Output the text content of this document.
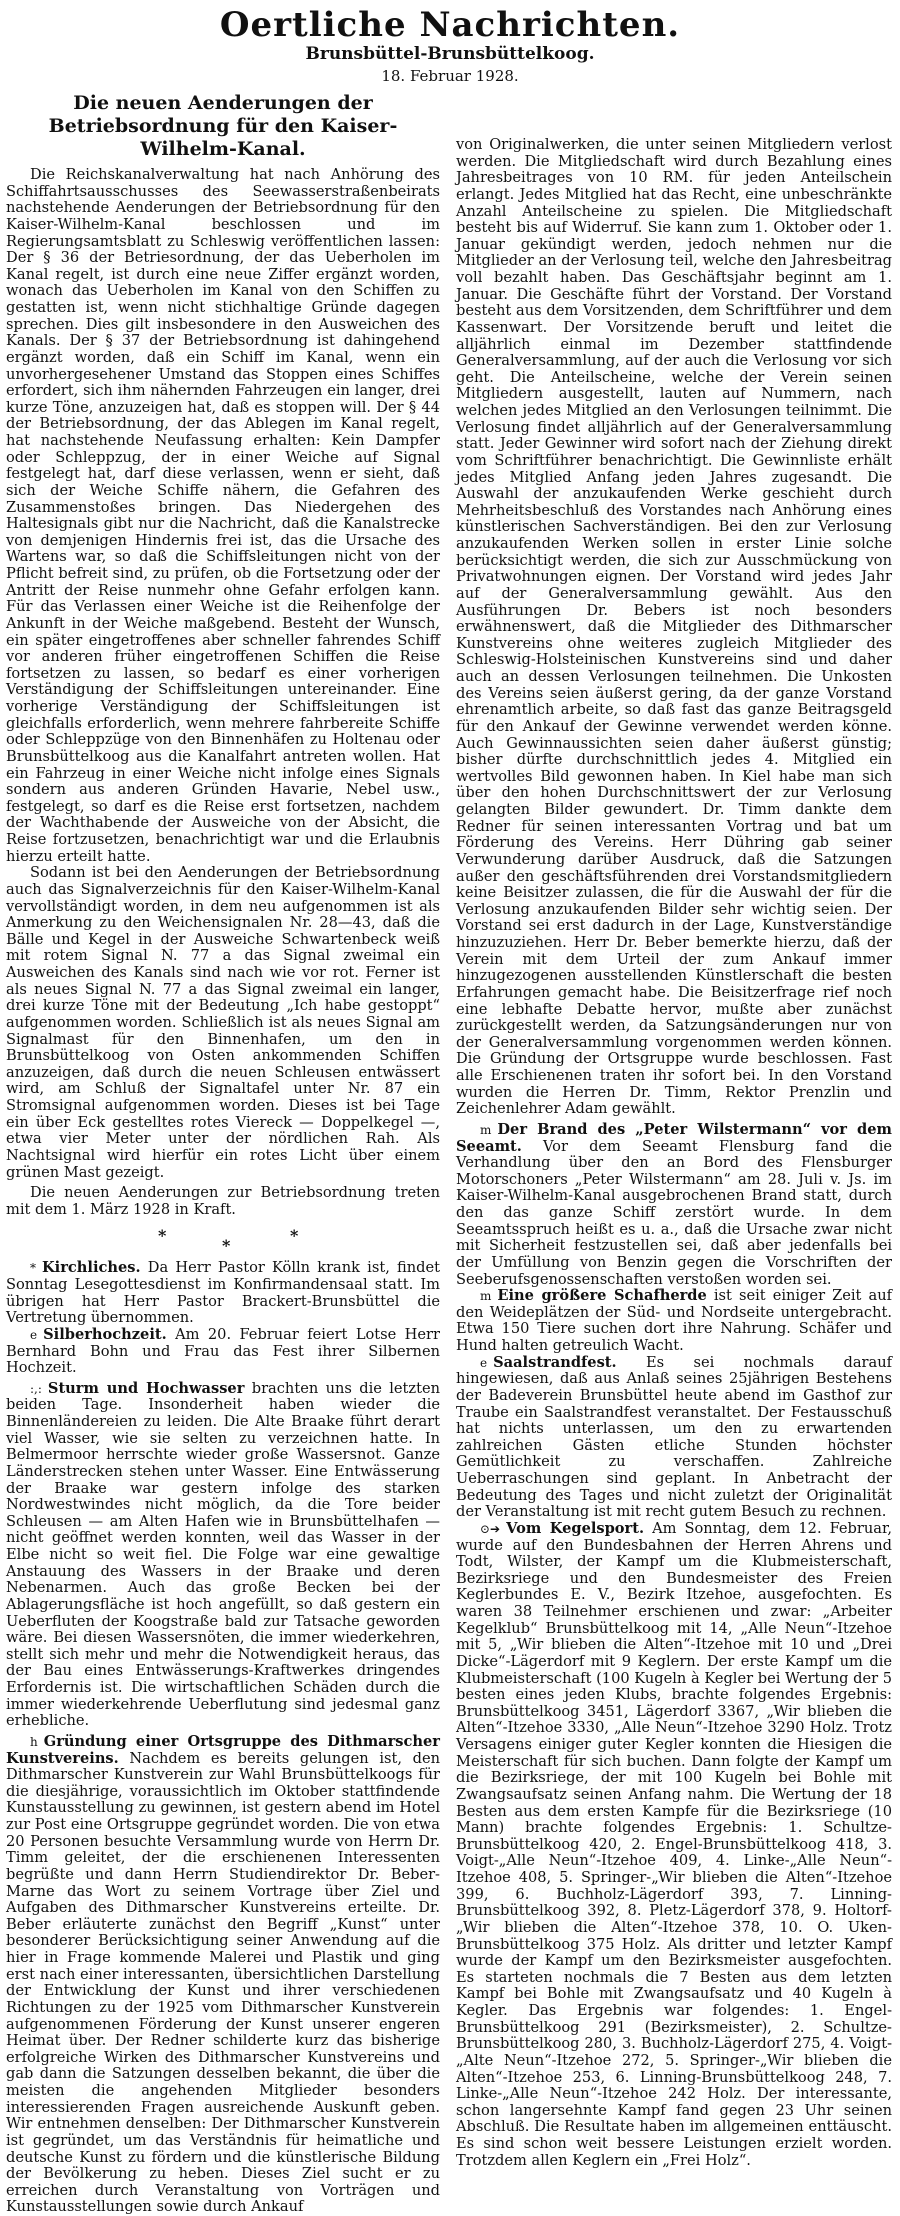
Oertliche Nachrichten.
Brunsbüttel-Brunsbüttelkoog.
18. Februar 1928.
Die neuen Aenderungen der Betriebsordnung für den Kaiser-Wilhelm-Kanal.

Die Reichskanalverwaltung hat nach Anhörung des Schiffahrtsausschusses des Seewasserstraßenbeirats nachstehende Aenderungen der Betriebsordnung für den Kaiser-Wilhelm-Kanal beschlossen und im Regierungsamtsblatt zu Schleswig veröffentlichen lassen: Der § 36 der Betriesordnung, der das Ueberholen im Kanal regelt, ist durch eine neue Ziffer ergänzt worden, wonach das Ueberholen im Kanal von den Schiffen zu gestatten ist, wenn nicht stichhaltige Gründe dagegen sprechen. Dies gilt insbesondere in den Ausweichen des Kanals. Der § 37 der Betriebsordnung ist dahingehend ergänzt worden, daß ein Schiff im Kanal, wenn ein unvorhergesehener Umstand das Stoppen eines Schiffes erfordert, sich ihm nähernden Fahrzeugen ein langer, drei kurze Töne, anzuzeigen hat, daß es stoppen will. Der § 44 der Betriebsordnung, der das Ablegen im Kanal regelt, hat nachstehende Neufassung erhalten: Kein Dampfer oder Schleppzug, der in einer Weiche auf Signal festgelegt hat, darf diese verlassen, wenn er sieht, daß sich der Weiche Schiffe nähern, die Gefahren des Zusammenstoßes bringen. Das Niedergehen des Haltesignals gibt nur die Nachricht, daß die Kanalstrecke von demjenigen Hindernis frei ist, das die Ursache des Wartens war, so daß die Schiffsleitungen nicht von der Pflicht befreit sind, zu prüfen, ob die Fortsetzung oder der Antritt der Reise nunmehr ohne Gefahr erfolgen kann. Für das Verlassen einer Weiche ist die Reihenfolge der Ankunft in der Weiche maßgebend. Besteht der Wunsch, ein später eingetroffenes aber schneller fahrendes Schiff vor anderen früher eingetroffenen Schiffen die Reise fortsetzen zu lassen, so bedarf es einer vorherigen Verständigung der Schiffsleitungen untereinander. Eine vorherige Verständigung der Schiffsleitungen ist gleichfalls erforderlich, wenn mehrere fahrbereite Schiffe oder Schleppzüge von den Binnenhäfen zu Holtenau oder Brunsbüttelkoog aus die Kanalfahrt antreten wollen. Hat ein Fahrzeug in einer Weiche nicht infolge eines Signals sondern aus anderen Gründen Havarie, Nebel usw., festgelegt, so darf es die Reise erst fortsetzen, nachdem der Wachthabende der Ausweiche von der Absicht, die Reise fortzusetzen, benachrichtigt war und die Erlaubnis hierzu erteilt hatte.

Sodann ist bei den Aenderungen der Betriebsordnung auch das Signalverzeichnis für den Kaiser-Wilhelm-Kanal vervollständigt worden, in dem neu aufgenommen ist als Anmerkung zu den Weichensignalen Nr. 28—43, daß die Bälle und Kegel in der Ausweiche Schwartenbeck weiß mit rotem Signal N. 77 a das Signal zweimal ein Ausweichen des Kanals sind nach wie vor rot. Ferner ist als neues Signal N. 77 a das Signal zweimal ein langer, drei kurze Töne mit der Bedeutung „Ich habe gestoppt“ aufgenommen worden. Schließlich ist als neues Signal am Signalmast für den Binnenhafen, um den in Brunsbüttelkoog von Osten ankommenden Schiffen anzuzeigen, daß durch die neuen Schleusen entwässert wird, am Schluß der Signaltafel unter Nr. 87 ein Stromsignal aufgenommen worden. Dieses ist bei Tage ein über Eck gestelltes rotes Viereck — Doppelkegel —, etwa vier Meter unter der nördlichen Rah. Als Nachtsignal wird hierfür ein rotes Licht über einem grünen Mast gezeigt.

Die neuen Aenderungen zur Betriebsordnung treten mit dem 1. März 1928 in Kraft.

*
*
*

* Kirchliches. Da Herr Pastor Kölln krank ist, findet Sonntag Lesegottesdienst im Konfirmandensaal statt. Im übrigen hat Herr Pastor Brackert-Brunsbüttel die Vertretung übernommen.

e Silberhochzeit. Am 20. Februar feiert Lotse Herr Bernhard Bohn und Frau das Fest ihrer Silbernen Hochzeit.

:,: Sturm und Hochwasser brachten uns die letzten beiden Tage. Insonderheit haben wieder die Binnenländereien zu leiden. Die Alte Braake führt derart viel Wasser, wie sie selten zu verzeichnen hatte. In Belmermoor herrschte wieder große Wassersnot. Ganze Länderstrecken stehen unter Wasser. Eine Entwässerung der Braake war gestern infolge des starken Nordwestwindes nicht möglich, da die Tore beider Schleusen — am Alten Hafen wie in Brunsbüttelhafen — nicht geöffnet werden konnten, weil das Wasser in der Elbe nicht so weit fiel. Die Folge war eine gewaltige Anstauung des Wassers in der Braake und deren Nebenarmen. Auch das große Becken bei der Ablagerungsfläche ist hoch angefüllt, so daß gestern ein Ueberfluten der Koogstraße bald zur Tatsache geworden wäre. Bei diesen Wassersnöten, die immer wiederkehren, stellt sich mehr und mehr die Notwendigkeit heraus, das der Bau eines Entwässerungs-Kraftwerkes dringendes Erfordernis ist. Die wirtschaftlichen Schäden durch die immer wiederkehrende Ueberflutung sind jedesmal ganz erhebliche.

h Gründung einer Ortsgruppe des Dithmarscher Kunstvereins. Nachdem es bereits gelungen ist, den Dithmarscher Kunstverein zur Wahl Brunsbüttelkoogs für die diesjährige, voraussichtlich im Oktober stattfindende Kunstausstellung zu gewinnen, ist gestern abend im Hotel zur Post eine Ortsgruppe gegründet worden. Die von etwa 20 Personen besuchte Versammlung wurde von Herrn Dr. Timm geleitet, der die erschienenen Interessenten begrüßte und dann Herrn Studiendirektor Dr. Beber-Marne das Wort zu seinem Vortrage über Ziel und Aufgaben des Dithmarscher Kunstvereins erteilte. Dr. Beber erläuterte zunächst den Begriff „Kunst“ unter besonderer Berücksichtigung seiner Anwendung auf die hier in Frage kommende Malerei und Plastik und ging erst nach einer interessanten, übersichtlichen Darstellung der Entwicklung der Kunst und ihrer verschiedenen Richtungen zu der 1925 vom Dithmarscher Kunstverein aufgenommenen Förderung der Kunst unserer engeren Heimat über. Der Redner schilderte kurz das bisherige erfolgreiche Wirken des Dithmarscher Kunstvereins und gab dann die Satzungen desselben bekannt, die über die meisten die angehenden Mitglieder besonders interessierenden Fragen ausreichende Auskunft geben. Wir entnehmen denselben: Der Dithmarscher Kunstverein ist gegründet, um das Verständnis für heimatliche und deutsche Kunst zu fördern und die künstlerische Bildung der Bevölkerung zu heben. Dieses Ziel sucht er zu erreichen durch Veranstaltung von Vorträgen und Kunstausstellungen sowie durch Ankauf

von Originalwerken, die unter seinen Mitgliedern verlost werden. Die Mitgliedschaft wird durch Bezahlung eines Jahresbeitrages von 10 RM. für jeden Anteilschein erlangt. Jedes Mitglied hat das Recht, eine unbeschränkte Anzahl Anteilscheine zu spielen. Die Mitgliedschaft besteht bis auf Widerruf. Sie kann zum 1. Oktober oder 1. Januar gekündigt werden, jedoch nehmen nur die Mitglieder an der Verlosung teil, welche den Jahresbeitrag voll bezahlt haben. Das Geschäftsjahr beginnt am 1. Januar. Die Geschäfte führt der Vorstand. Der Vorstand besteht aus dem Vorsitzenden, dem Schriftführer und dem Kassenwart. Der Vorsitzende beruft und leitet die alljährlich einmal im Dezember stattfindende Generalversammlung, auf der auch die Verlosung vor sich geht. Die Anteilscheine, welche der Verein seinen Mitgliedern ausgestellt, lauten auf Nummern, nach welchen jedes Mitglied an den Verlosungen teilnimmt. Die Verlosung findet alljährlich auf der Generalversammlung statt. Jeder Gewinner wird sofort nach der Ziehung direkt vom Schriftführer benachrichtigt. Die Gewinnliste erhält jedes Mitglied Anfang jeden Jahres zugesandt. Die Auswahl der anzukaufenden Werke geschieht durch Mehrheitsbeschluß des Vorstandes nach Anhörung eines künstlerischen Sachverständigen. Bei den zur Verlosung anzukaufenden Werken sollen in erster Linie solche berücksichtigt werden, die sich zur Ausschmückung von Privatwohnungen eignen. Der Vorstand wird jedes Jahr auf der Generalversammlung gewählt. Aus den Ausführungen Dr. Bebers ist noch besonders erwähnenswert, daß die Mitglieder des Dithmarscher Kunstvereins ohne weiteres zugleich Mitglieder des Schleswig-Holsteinischen Kunstvereins sind und daher auch an dessen Verlosungen teilnehmen. Die Unkosten des Vereins seien äußerst gering, da der ganze Vorstand ehrenamtlich arbeite, so daß fast das ganze Beitragsgeld für den Ankauf der Gewinne verwendet werden könne. Auch Gewinnaussichten seien daher äußerst günstig; bisher dürfte durchschnittlich jedes 4. Mitglied ein wertvolles Bild gewonnen haben. In Kiel habe man sich über den hohen Durchschnittswert der zur Verlosung gelangten Bilder gewundert. Dr. Timm dankte dem Redner für seinen interessanten Vortrag und bat um Förderung des Vereins. Herr Dühring gab seiner Verwunderung darüber Ausdruck, daß die Satzungen außer den geschäftsführenden drei Vorstandsmitgliedern keine Beisitzer zulassen, die für die Auswahl der für die Verlosung anzukaufenden Bilder sehr wichtig seien. Der Vorstand sei erst dadurch in der Lage, Kunstverständige hinzuzuziehen. Herr Dr. Beber bemerkte hierzu, daß der Verein mit dem Urteil der zum Ankauf immer hinzugezogenen ausstellenden Künstlerschaft die besten Erfahrungen gemacht habe. Die Beisitzerfrage rief noch eine lebhafte Debatte hervor, mußte aber zunächst zurückgestellt werden, da Satzungsänderungen nur von der Generalversammlung vorgenommen werden können. Die Gründung der Ortsgruppe wurde beschlossen. Fast alle Erschienenen traten ihr sofort bei. In den Vorstand wurden die Herren Dr. Timm, Rektor Prenzlin und Zeichenlehrer Adam gewählt.

m Der Brand des „Peter Wilstermann“ vor dem Seeamt. Vor dem Seeamt Flensburg fand die Verhandlung über den an Bord des Flensburger Motorschoners „Peter Wilstermann“ am 28. Juli v. Js. im Kaiser-Wilhelm-Kanal ausgebrochenen Brand statt, durch den das ganze Schiff zerstört wurde. In dem Seeamtsspruch heißt es u. a., daß die Ursache zwar nicht mit Sicherheit festzustellen sei, daß aber jedenfalls bei der Umfüllung von Benzin gegen die Vorschriften der Seeberufsgenossenschaften verstoßen worden sei.

m Eine größere Schafherde ist seit einiger Zeit auf den Weideplätzen der Süd- und Nordseite untergebracht. Etwa 150 Tiere suchen dort ihre Nahrung. Schäfer und Hund halten getreulich Wacht.

e Saalstrandfest. Es sei nochmals darauf hingewiesen, daß aus Anlaß seines 25jährigen Bestehens der Badeverein Brunsbüttel heute abend im Gasthof zur Traube ein Saalstrandfest veranstaltet. Der Festausschuß hat nichts unterlassen, um den zu erwartenden zahlreichen Gästen etliche Stunden höchster Gemütlichkeit zu verschaffen. Zahlreiche Ueberraschungen sind geplant. In Anbetracht der Bedeutung des Tages und nicht zuletzt der Originalität der Veranstaltung ist mit recht gutem Besuch zu rechnen.

⊙➔ Vom Kegelsport. Am Sonntag, dem 12. Februar, wurde auf den Bundesbahnen der Herren Ahrens und Todt, Wilster, der Kampf um die Klubmeisterschaft, Bezirksriege und den Bundesmeister des Freien Keglerbundes E. V., Bezirk Itzehoe, ausgefochten. Es waren 38 Teilnehmer erschienen und zwar: „Arbeiter Kegelklub“ Brunsbüttelkoog mit 14, „Alle Neun“-Itzehoe mit 5, „Wir blieben die Alten“-Itzehoe mit 10 und „Drei Dicke“-Lägerdorf mit 9 Keglern. Der erste Kampf um die Klubmeisterschaft (100 Kugeln à Kegler bei Wertung der 5 besten eines jeden Klubs, brachte folgendes Ergebnis: Brunsbüttelkoog 3451, Lägerdorf 3367, „Wir blieben die Alten“-Itzehoe 3330, „Alle Neun“-Itzehoe 3290 Holz. Trotz Versagens einiger guter Kegler konnten die Hiesigen die Meisterschaft für sich buchen. Dann folgte der Kampf um die Bezirksriege, der mit 100 Kugeln bei Bohle mit Zwangsaufsatz seinen Anfang nahm. Die Wertung der 18 Besten aus dem ersten Kampfe für die Bezirksriege (10 Mann) brachte folgendes Ergebnis: 1. Schultze-Brunsbüttelkoog 420, 2. Engel-Brunsbüttelkoog 418, 3. Voigt-„Alle Neun“-Itzehoe 409, 4. Linke-„Alle Neun“-Itzehoe 408, 5. Springer-„Wir blieben die Alten“-Itzehoe 399, 6. Buchholz-Lägerdorf 393, 7. Linning-Brunsbüttelkoog 392, 8. Pletz-Lägerdorf 378, 9. Holtorf-„Wir blieben die Alten“-Itzehoe 378, 10. O. Uken-Brunsbüttelkoog 375 Holz. Als dritter und letzter Kampf wurde der Kampf um den Bezirksmeister ausgefochten. Es starteten nochmals die 7 Besten aus dem letzten Kampf bei Bohle mit Zwangsaufsatz und 40 Kugeln à Kegler. Das Ergebnis war folgendes: 1. Engel-Brunsbüttelkoog 291 (Bezirksmeister), 2. Schultze-Brunsbüttelkoog 280, 3. Buchholz-Lägerdorf 275, 4. Voigt-„Alte Neun“-Itzehoe 272, 5. Springer-„Wir blieben die Alten“-Itzehoe 253, 6. Linning-Brunsbüttelkoog 248, 7. Linke-„Alle Neun“-Itzehoe 242 Holz. Der interessante, schon langersehnte Kampf fand gegen 23 Uhr seinen Abschluß. Die Resultate haben im allgemeinen enttäuscht. Es sind schon weit bessere Leistungen erzielt worden. Trotzdem allen Keglern ein „Frei Holz“.
